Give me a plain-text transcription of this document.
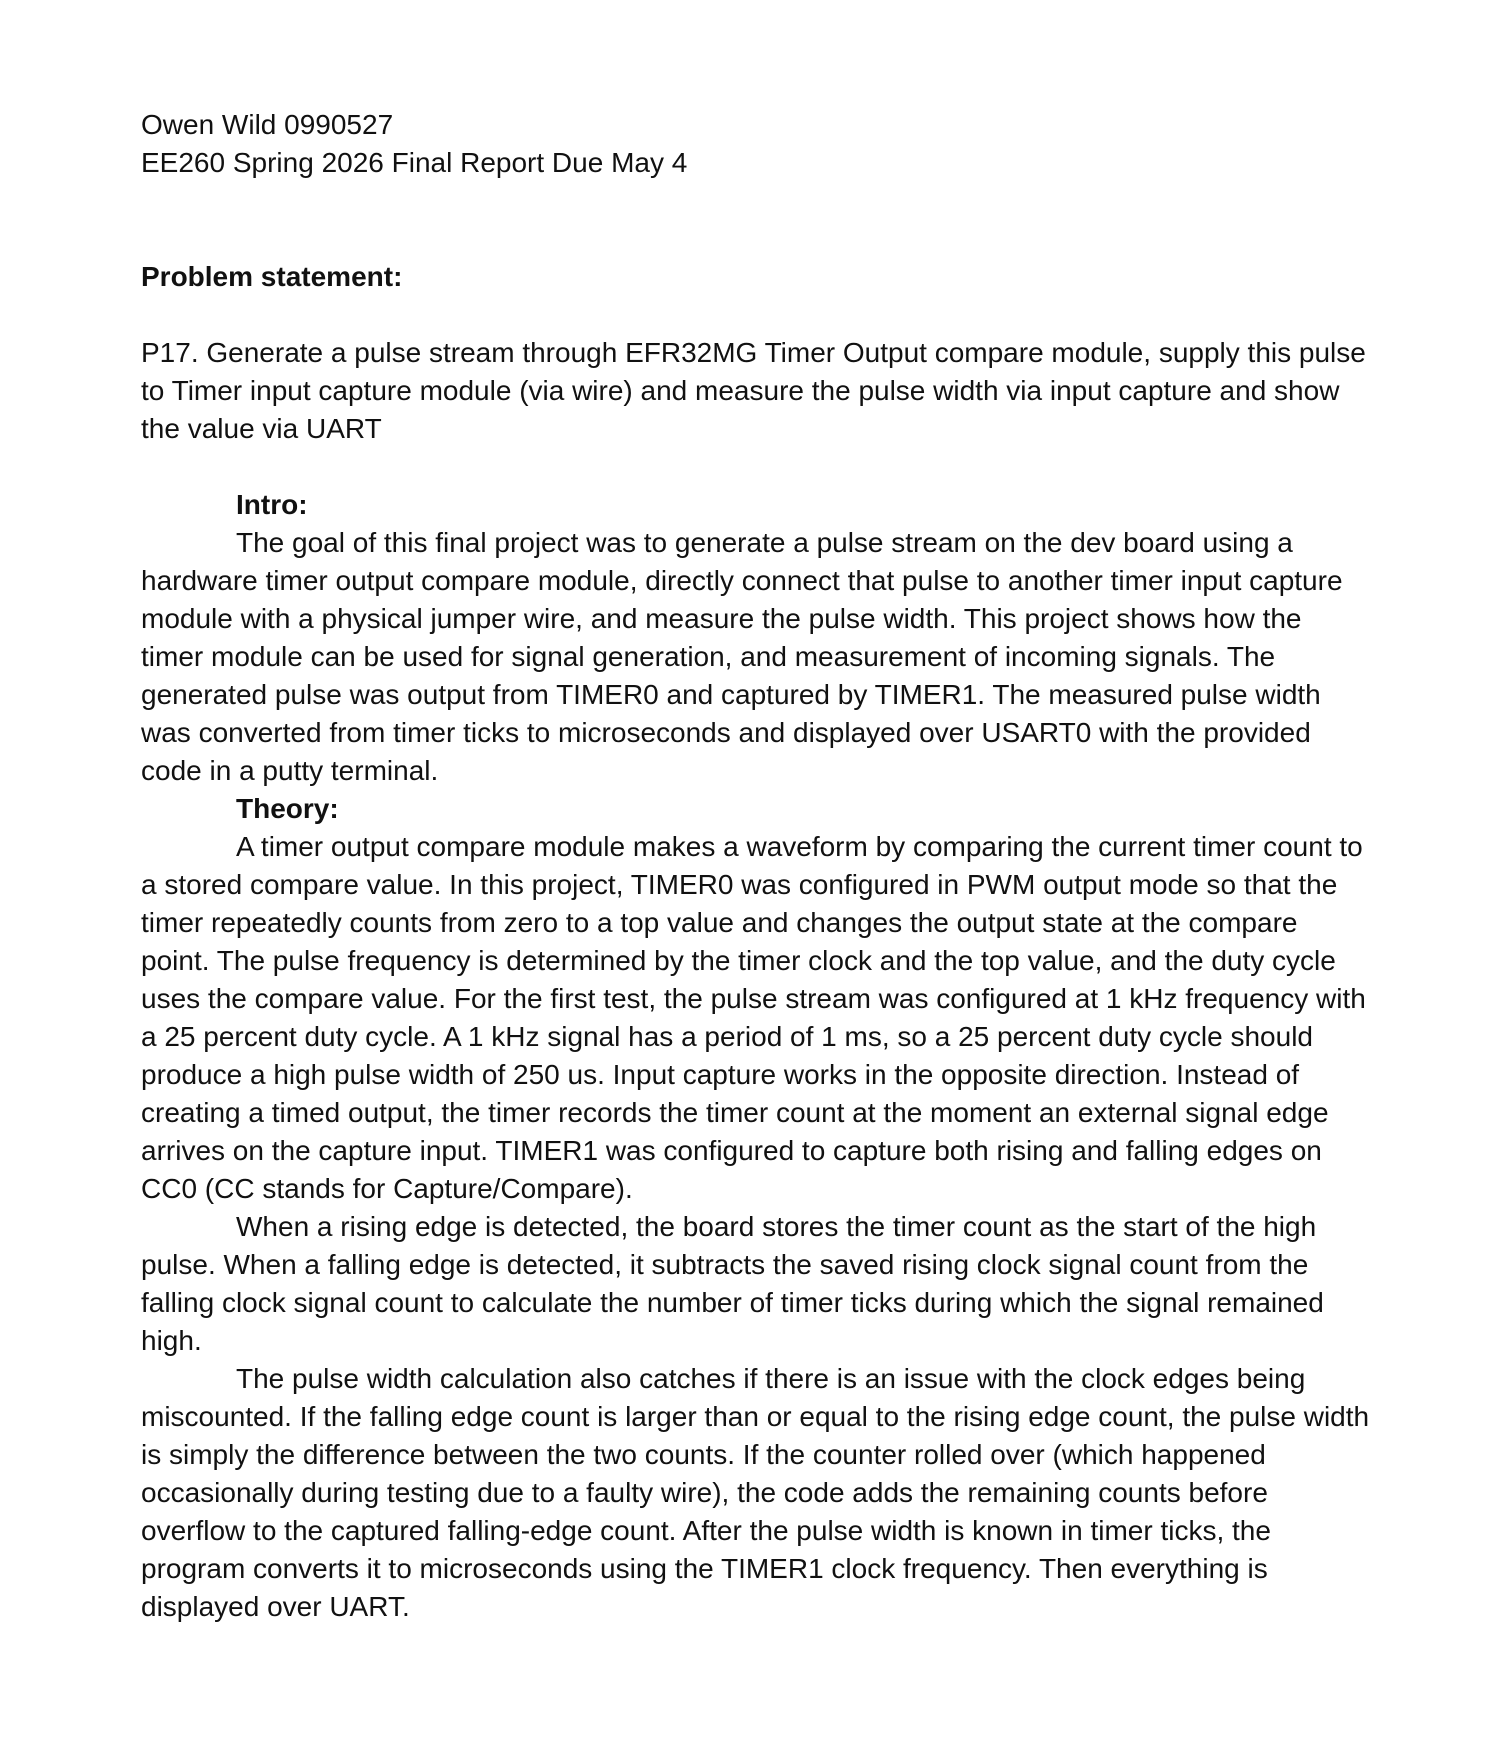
Owen Wild 0990527
EE260 Spring 2026 Final Report Due May 4
Problem statement:

P17. Generate a pulse stream through EFR32MG Timer Output compare module, supply this pulse to Timer input capture module (via wire) and measure the pulse width via input capture and show the value via UART

Intro:

The goal of this final project was to generate a pulse stream on the dev board using a hardware timer output compare module, directly connect that pulse to another timer input capture module with a physical jumper wire, and measure the pulse width. This project shows how the timer module can be used for signal generation, and measurement of incoming signals. The generated pulse was output from TIMER0 and captured by TIMER1. The measured pulse width was converted from timer ticks to microseconds and displayed over USART0 with the provided code in a putty terminal.

Theory:

A timer output compare module makes a waveform by comparing the current timer count to a stored compare value. In this project, TIMER0 was configured in PWM output mode so that the timer repeatedly counts from zero to a top value and changes the output state at the compare point. The pulse frequency is determined by the timer clock and the top value, and the duty cycle uses the compare value. For the first test, the pulse stream was configured at 1 kHz frequency with a 25 percent duty cycle. A 1 kHz signal has a period of 1 ms, so a 25 percent duty cycle should produce a high pulse width of 250 us. Input capture works in the opposite direction. Instead of creating a timed output, the timer records the timer count at the moment an external signal edge arrives on the capture input. TIMER1 was configured to capture both rising and falling edges on CC0 (CC stands for Capture/Compare).

When a rising edge is detected, the board stores the timer count as the start of the high pulse. When a falling edge is detected, it subtracts the saved rising clock signal count from the falling clock signal count to calculate the number of timer ticks during which the signal remained high.

The pulse width calculation also catches if there is an issue with the clock edges being miscounted. If the falling edge count is larger than or equal to the rising edge count, the pulse width is simply the difference between the two counts. If the counter rolled over (which happened occasionally during testing due to a faulty wire), the code adds the remaining counts before overflow to the captured falling-edge count. After the pulse width is known in timer ticks, the program converts it to microseconds using the TIMER1 clock frequency. Then everything is displayed over UART.
